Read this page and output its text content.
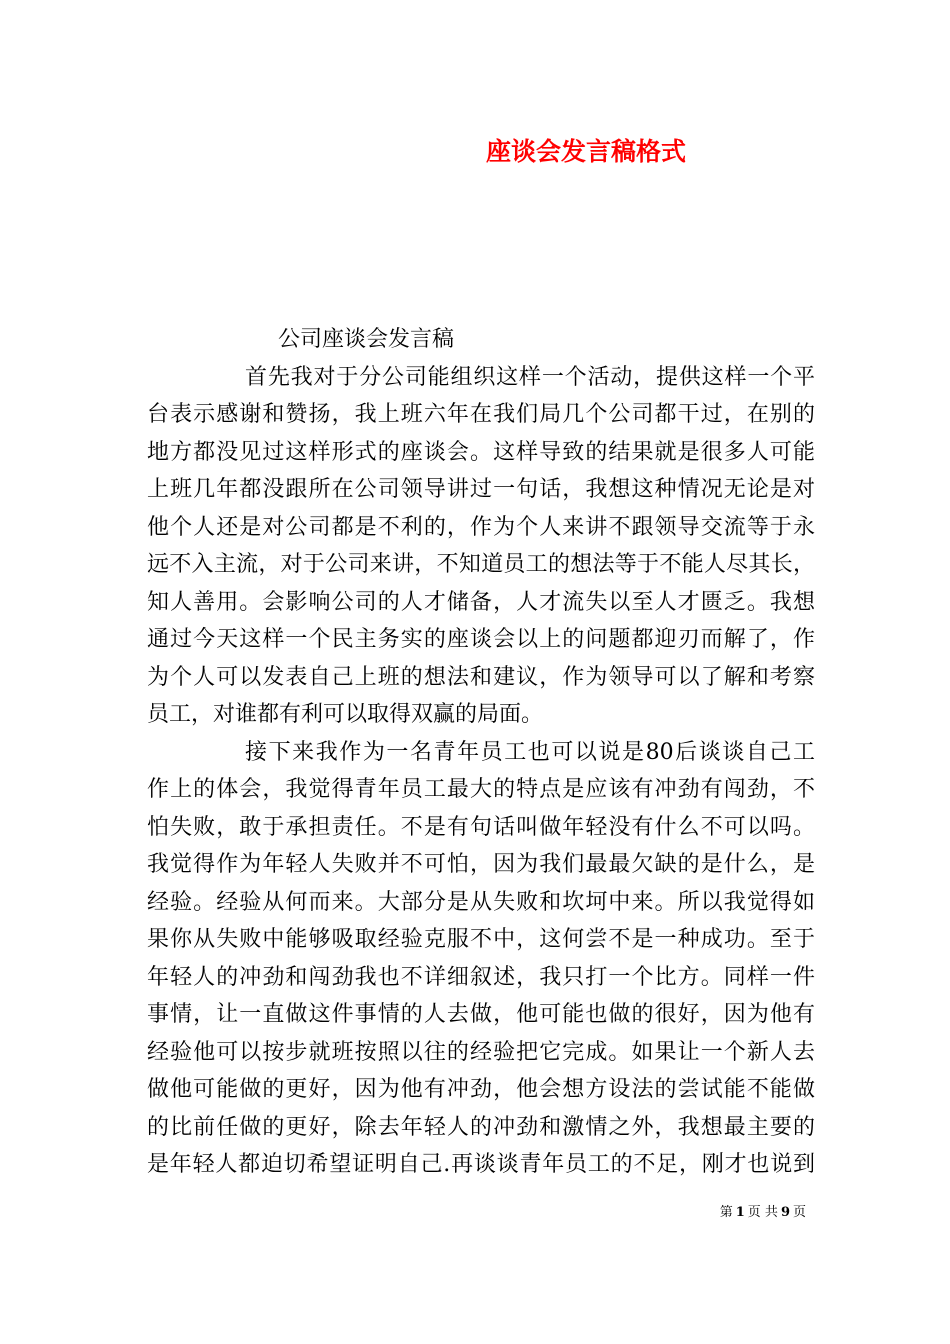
座谈会发言稿格式
公司座谈会发言稿
首先我对于分公司能组织这样一个活动，提供这样一个平
台表示感谢和赞扬，我上班六年在我们局几个公司都干过，在别的
地方都没见过这样形式的座谈会。这样导致的结果就是很多人可能
上班几年都没跟所在公司领导讲过一句话，我想这种情况无论是对
他个人还是对公司都是不利的，作为个人来讲不跟领导交流等于永
远不入主流，对于公司来讲，不知道员工的想法等于不能人尽其长，
知人善用。会影响公司的人才储备，人才流失以至人才匮乏。我想
通过今天这样一个民主务实的座谈会以上的问题都迎刃而解了，作
为个人可以发表自己上班的想法和建议，作为领导可以了解和考察
员工，对谁都有利可以取得双赢的局面。
接下来我作为一名青年员工也可以说是80后谈谈自己工
作上的体会，我觉得青年员工最大的特点是应该有冲劲有闯劲，不
怕失败，敢于承担责任。不是有句话叫做年轻没有什么不可以吗。
我觉得作为年轻人失败并不可怕，因为我们最最欠缺的是什么，是
经验。经验从何而来。大部分是从失败和坎坷中来。所以我觉得如
果你从失败中能够吸取经验克服不中，这何尝不是一种成功。至于
年轻人的冲劲和闯劲我也不详细叙述，我只打一个比方。同样一件
事情，让一直做这件事情的人去做，他可能也做的很好，因为他有
经验他可以按步就班按照以往的经验把它完成。如果让一个新人去
做他可能做的更好，因为他有冲劲，他会想方设法的尝试能不能做
的比前任做的更好，除去年轻人的冲劲和激情之外，我想最主要的
是年轻人都迫切希望证明自己.再谈谈青年员工的不足，刚才也说到
第 1 页 共 9 页
